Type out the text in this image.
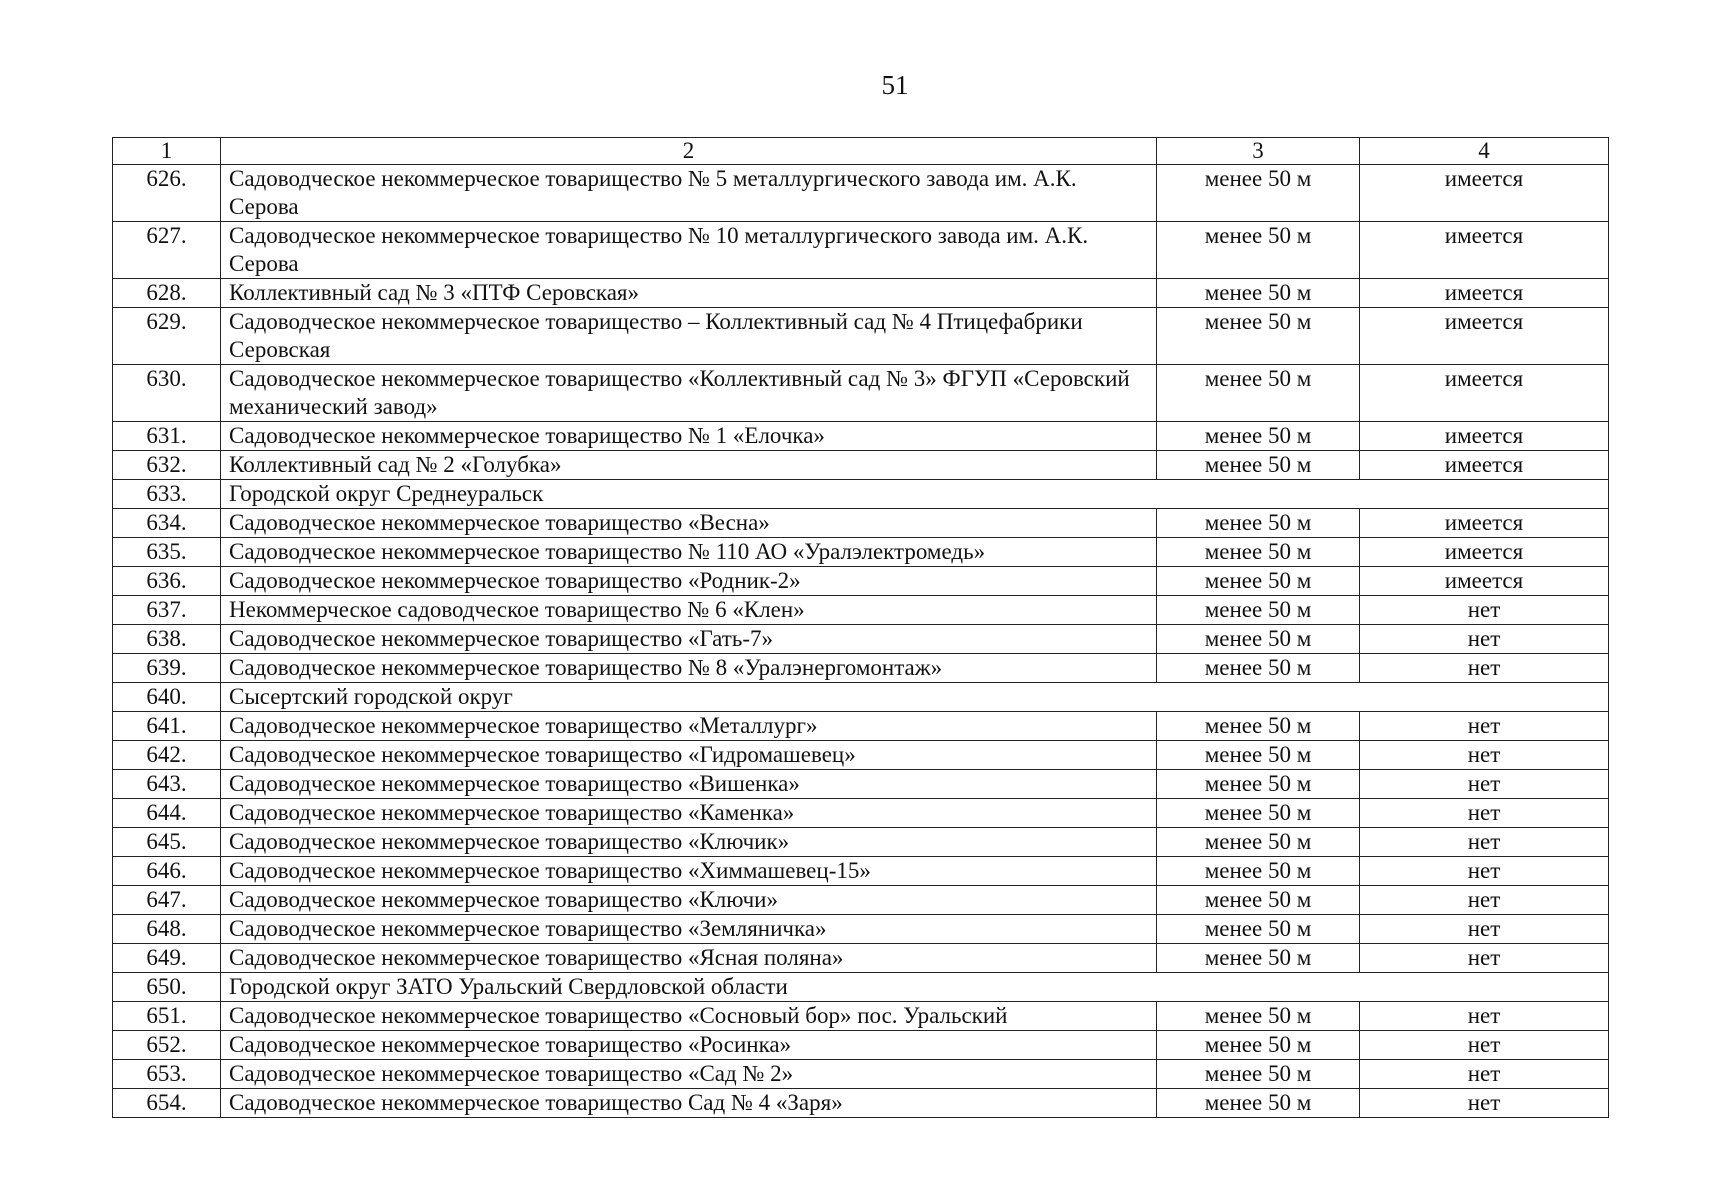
51
1	2	3	4
626.	Садоводческое некоммерческое товарищество № 5 металлургического завода им. А.К. Серова	менее 50 м	имеется
627.	Садоводческое некоммерческое товарищество № 10 металлургического завода им. А.К. Серова	менее 50 м	имеется
628.	Коллективный сад № 3 «ПТФ Серовская»	менее 50 м	имеется
629.	Садоводческое некоммерческое товарищество – Коллективный сад № 4 Птицефабрики Серовская	менее 50 м	имеется
630.	Садоводческое некоммерческое товарищество «Коллективный сад № 3» ФГУП «Серовский механический завод»	менее 50 м	имеется
631.	Садоводческое некоммерческое товарищество № 1 «Елочка»	менее 50 м	имеется
632.	Коллективный сад № 2 «Голубка»	менее 50 м	имеется
633.	Городской округ Среднеуральск		
634.	Садоводческое некоммерческое товарищество «Весна»	менее 50 м	имеется
635.	Садоводческое некоммерческое товарищество № 110 АО «Уралэлектромедь»	менее 50 м	имеется
636.	Садоводческое некоммерческое товарищество «Родник-2»	менее 50 м	имеется
637.	Некоммерческое садоводческое товарищество № 6 «Клен»	менее 50 м	нет
638.	Садоводческое некоммерческое товарищество «Гать-7»	менее 50 м	нет
639.	Садоводческое некоммерческое товарищество № 8 «Уралэнергомонтаж»	менее 50 м	нет
640.	Сысертский городской округ		
641.	Садоводческое некоммерческое товарищество «Металлург»	менее 50 м	нет
642.	Садоводческое некоммерческое товарищество «Гидромашевец»	менее 50 м	нет
643.	Садоводческое некоммерческое товарищество «Вишенка»	менее 50 м	нет
644.	Садоводческое некоммерческое товарищество «Каменка»	менее 50 м	нет
645.	Садоводческое некоммерческое товарищество «Ключик»	менее 50 м	нет
646.	Садоводческое некоммерческое товарищество «Химмашевец-15»	менее 50 м	нет
647.	Садоводческое некоммерческое товарищество «Ключи»	менее 50 м	нет
648.	Садоводческое некоммерческое товарищество «Земляничка»	менее 50 м	нет
649.	Садоводческое некоммерческое товарищество «Ясная поляна»	менее 50 м	нет
650.	Городской округ ЗАТО Уральский Свердловской области		
651.	Садоводческое некоммерческое товарищество «Сосновый бор» пос. Уральский	менее 50 м	нет
652.	Садоводческое некоммерческое товарищество «Росинка»	менее 50 м	нет
653.	Садоводческое некоммерческое товарищество «Сад № 2»	менее 50 м	нет
654.	Садоводческое некоммерческое товарищество Сад № 4 «Заря»	менее 50 м	нет
